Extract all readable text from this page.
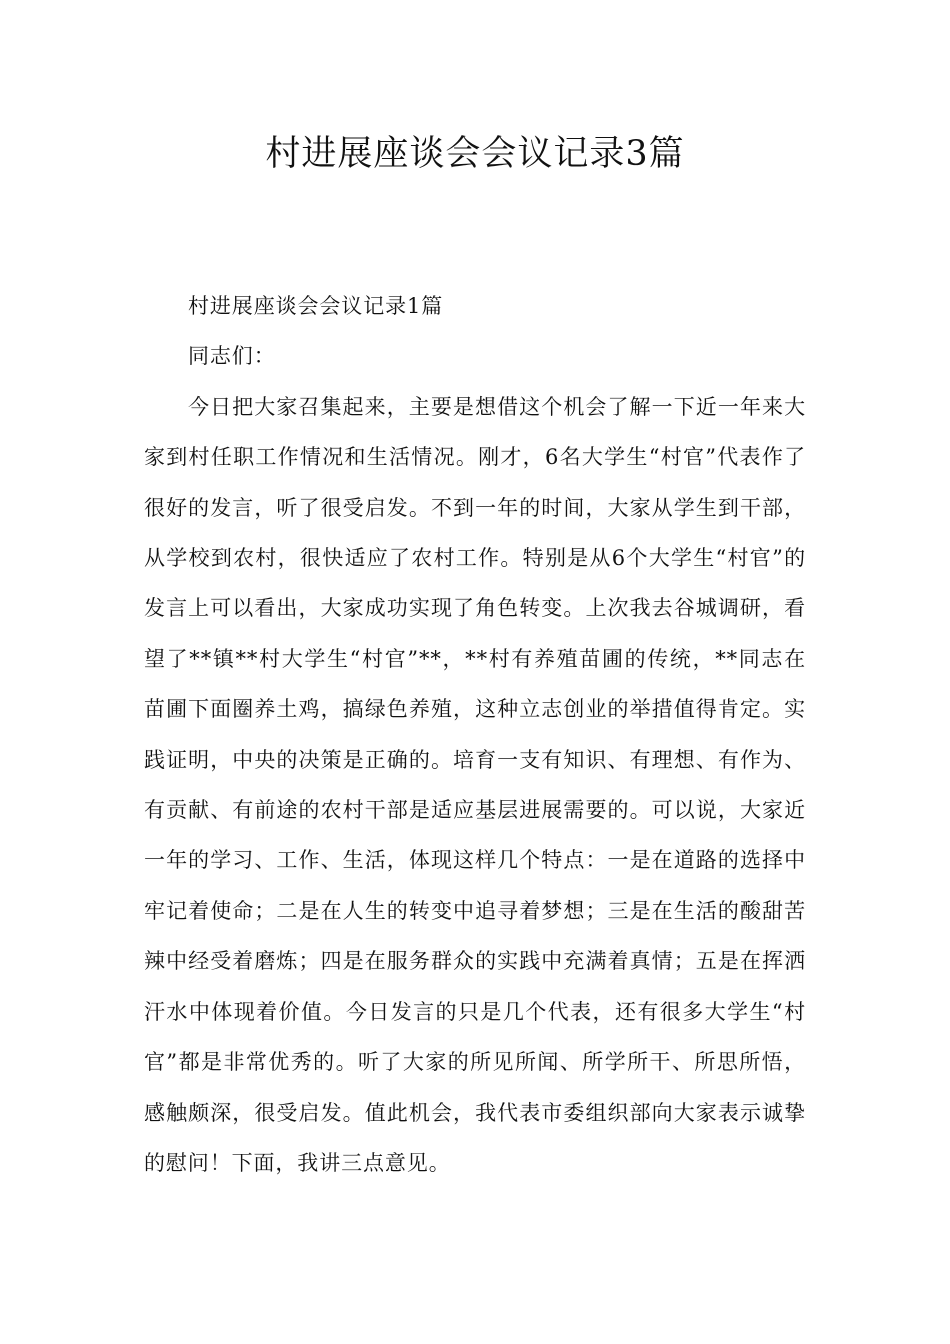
村进展座谈会会议记录3篇

村进展座谈会会议记录1篇

同志们：

今日把大家召集起来，主要是想借这个机会了解一下近一年来大家到村任职工作情况和生活情况。刚才，6名大学生“村官”代表作了很好的发言，听了很受启发。不到一年的时间，大家从学生到干部，从学校到农村，很快适应了农村工作。特别是从6个大学生“村官”的发言上可以看出，大家成功实现了角色转变。上次我去谷城调研，看望了**镇**村大学生“村官”**，**村有养殖苗圃的传统，**同志在苗圃下面圈养土鸡，搞绿色养殖，这种立志创业的举措值得肯定。实践证明，中央的决策是正确的。培育一支有知识、有理想、有作为、有贡献、有前途的农村干部是适应基层进展需要的。可以说，大家近一年的学习、工作、生活，体现这样几个特点：一是在道路的选择中牢记着使命；二是在人生的转变中追寻着梦想；三是在生活的酸甜苦辣中经受着磨炼；四是在服务群众的实践中充满着真情；五是在挥洒汗水中体现着价值。今日发言的只是几个代表，还有很多大学生“村官”都是非常优秀的。听了大家的所见所闻、所学所干、所思所悟，感触颇深，很受启发。值此机会，我代表市委组织部向大家表示诚挚的慰问！下面，我讲三点意见。
